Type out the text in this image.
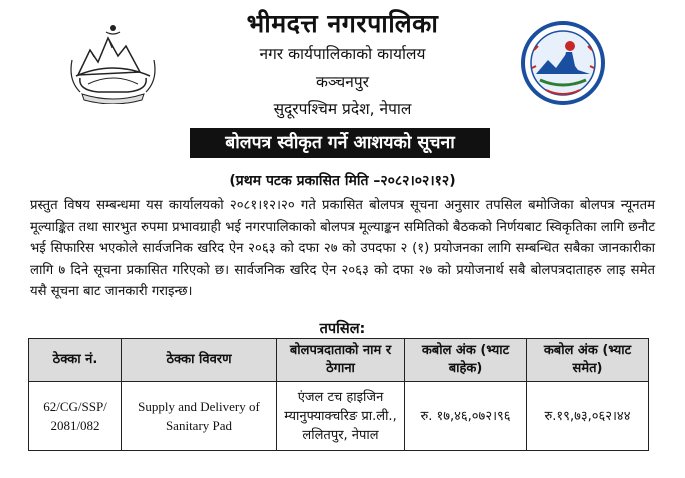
भीमदत्त नगरपालिका
नगर कार्यपालिकाको कार्यालय
कञ्चनपुर
सुदूरपश्चिम प्रदेश, नेपाल
बोलपत्र स्वीकृत गर्ने आशयको सूचना
(प्रथम पटक प्रकासित मिति –२०८२।०२।१२)
प्रस्तुत विषय सम्बन्धमा यस कार्यालयको २०८१।१२।२० गते प्रकासित बोलपत्र सूचना अनुसार तपसिल बमोजिका बोलपत्र न्यूनतम मूल्याङ्कित तथा सारभुत रुपमा प्रभावग्राही भई नगरपालिकाको बोलपत्र मूल्याङ्कन समितिको बैठकको निर्णयबाट स्विकृतिका लागि छनौट भई सिफारिस भएकोले सार्वजनिक खरिद ऐन २०६३ को दफा २७ को उपदफा २ (१) प्रयोजनका लागि सम्बन्धित सबैका जानकारीका लागि ७ दिने सूचना प्रकासित गरिएको छ। सार्वजनिक खरिद ऐन २०६३ को दफा २७ को प्रयोजनार्थ सबै बोलपत्रदाताहरु लाइ समेत यसै सूचना बाट जानकारी गराइन्छ।
तपसिल:
ठेक्का नं.	ठेक्का विवरण	बोलपत्रदाताको नाम र ठेगाना	कबोल अंक (भ्याट बाहेक)	कबोल अंक (भ्याट समेत)
62/CG/SSP/ 2081/082	Supply and Delivery of Sanitary Pad	एंजल टच हाइजिन म्यानुफ्याक्चरिङ प्रा.ली., ललितपुर, नेपाल	रु. १७,४६,०७२।९६	रु.१९,७३,०६२।४४
